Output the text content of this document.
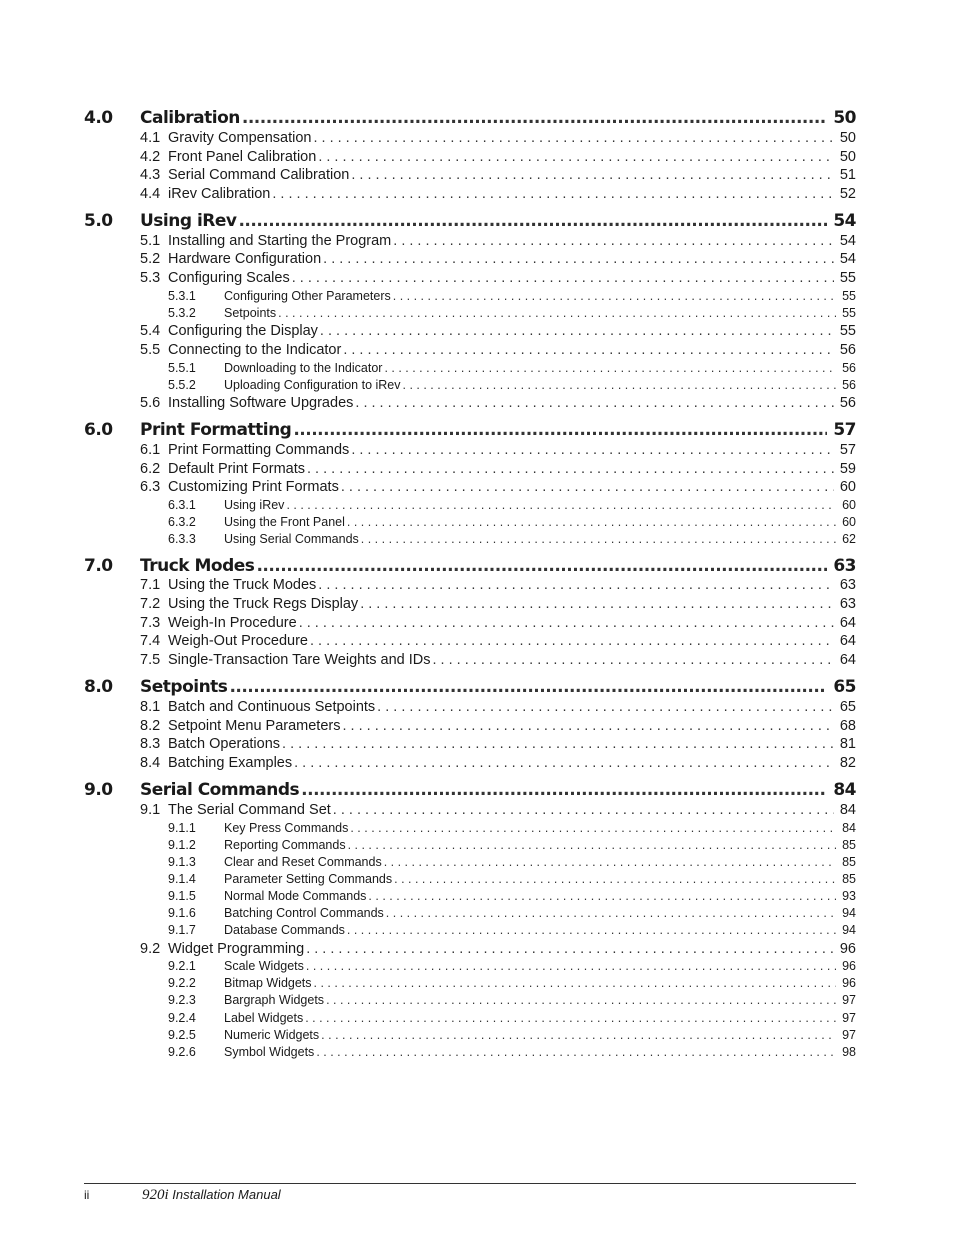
4.0 Calibration .....	50
4.1 Gravity Compensation . . .	50
4.2 Front Panel Calibration . . .	50
4.3 Serial Command Calibration . . .	51
4.4 iRev Calibration . . .	52
5.0 Using iRev .....	54
5.1 Installing and Starting the Program . . .	54
5.2 Hardware Configuration . . .	54
5.3 Configuring Scales . . .	55
5.3.1 Configuring Other Parameters . . .	55
5.3.2 Setpoints . . .	55
5.4 Configuring the Display . . .	55
5.5 Connecting to the Indicator . . .	56
5.5.1 Downloading to the Indicator . . .	56
5.5.2 Uploading Configuration to iRev . . .	56
5.6 Installing Software Upgrades . . .	56
6.0 Print Formatting .....	57
6.1 Print Formatting Commands . . .	57
6.2 Default Print Formats . . .	59
6.3 Customizing Print Formats . . .	60
6.3.1 Using iRev . . .	60
6.3.2 Using the Front Panel . . .	60
6.3.3 Using Serial Commands . . .	62
7.0 Truck Modes .....	63
7.1 Using the Truck Modes . . .	63
7.2 Using the Truck Regs Display . . .	63
7.3 Weigh-In Procedure . . .	64
7.4 Weigh-Out Procedure . . .	64
7.5 Single-Transaction Tare Weights and IDs . . .	64
8.0 Setpoints .....	65
8.1 Batch and Continuous Setpoints . . .	65
8.2 Setpoint Menu Parameters . . .	68
8.3 Batch Operations . . .	81
8.4 Batching Examples . . .	82
9.0 Serial Commands .....	84
9.1 The Serial Command Set . . .	84
9.1.1 Key Press Commands . . .	84
9.1.2 Reporting Commands . . .	85
9.1.3 Clear and Reset Commands . . .	85
9.1.4 Parameter Setting Commands . . .	85
9.1.5 Normal Mode Commands . . .	93
9.1.6 Batching Control Commands . . .	94
9.1.7 Database Commands . . .	94
9.2 Widget Programming . . .	96
9.2.1 Scale Widgets . . .	96
9.2.2 Bitmap Widgets . . .	96
9.2.3 Bargraph Widgets . . .	97
9.2.4 Label Widgets . . .	97
9.2.5 Numeric Widgets . . .	97
9.2.6 Symbol Widgets . . .	98
ii	920i Installation Manual
